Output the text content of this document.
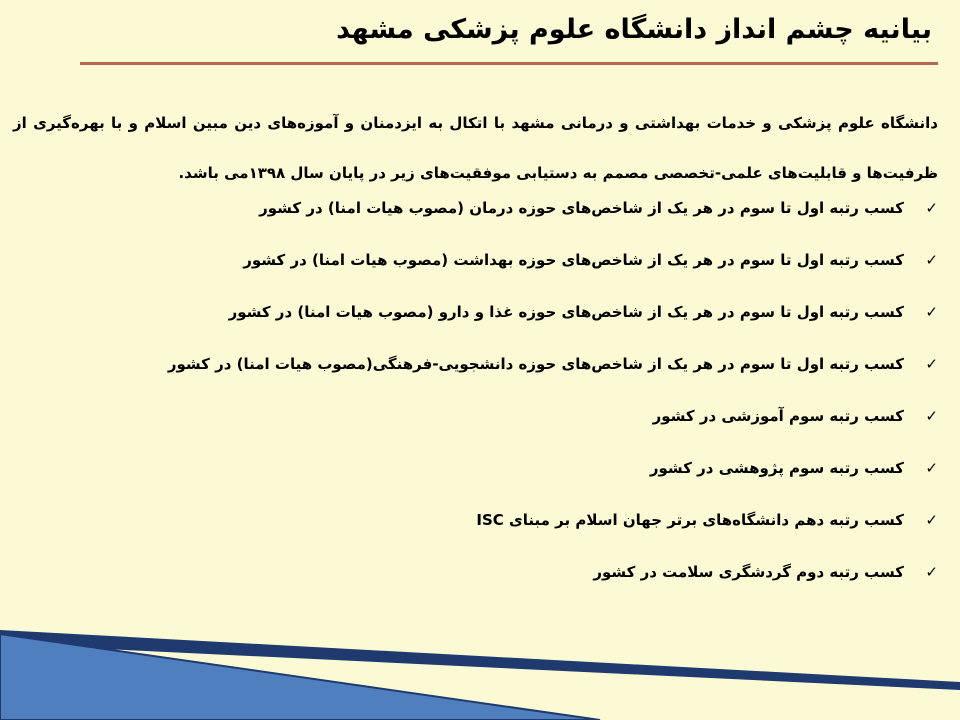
بیانیه چشم انداز دانشگاه علوم پزشکی مشهد

دانشگاه علوم پزشکی و خدمات بهداشتی و درمانی مشهد با اتکال به ایزدمنان و آموزه‌های دین مبین اسلام و با بهره‌گیری از ظرفیت‌ها و قابلیت‌های علمی-تخصصی مصمم به دستیابی موفقیت‌های زیر در پایان سال ۱۳۹۸می باشد.

✓
کسب رتبه اول تا سوم در هر یک از شاخص‌های حوزه درمان (مصوب هیات امنا) در کشور
✓
کسب رتبه اول تا سوم در هر یک از شاخص‌های حوزه بهداشت (مصوب هیات امنا) در کشور
✓
کسب رتبه اول تا سوم در هر یک از شاخص‌های حوزه غذا و دارو (مصوب هیات امنا) در کشور
✓
کسب رتبه اول تا سوم در هر یک از شاخص‌های حوزه دانشجویی-فرهنگی(مصوب هیات امنا) در کشور
✓
کسب رتبه سوم آموزشی در کشور
✓
کسب رتبه سوم پژوهشی در کشور
✓
کسب رتبه دهم دانشگاه‌های برتر جهان اسلام بر مبنای ISC
✓
کسب رتبه دوم گردشگری سلامت در کشور
